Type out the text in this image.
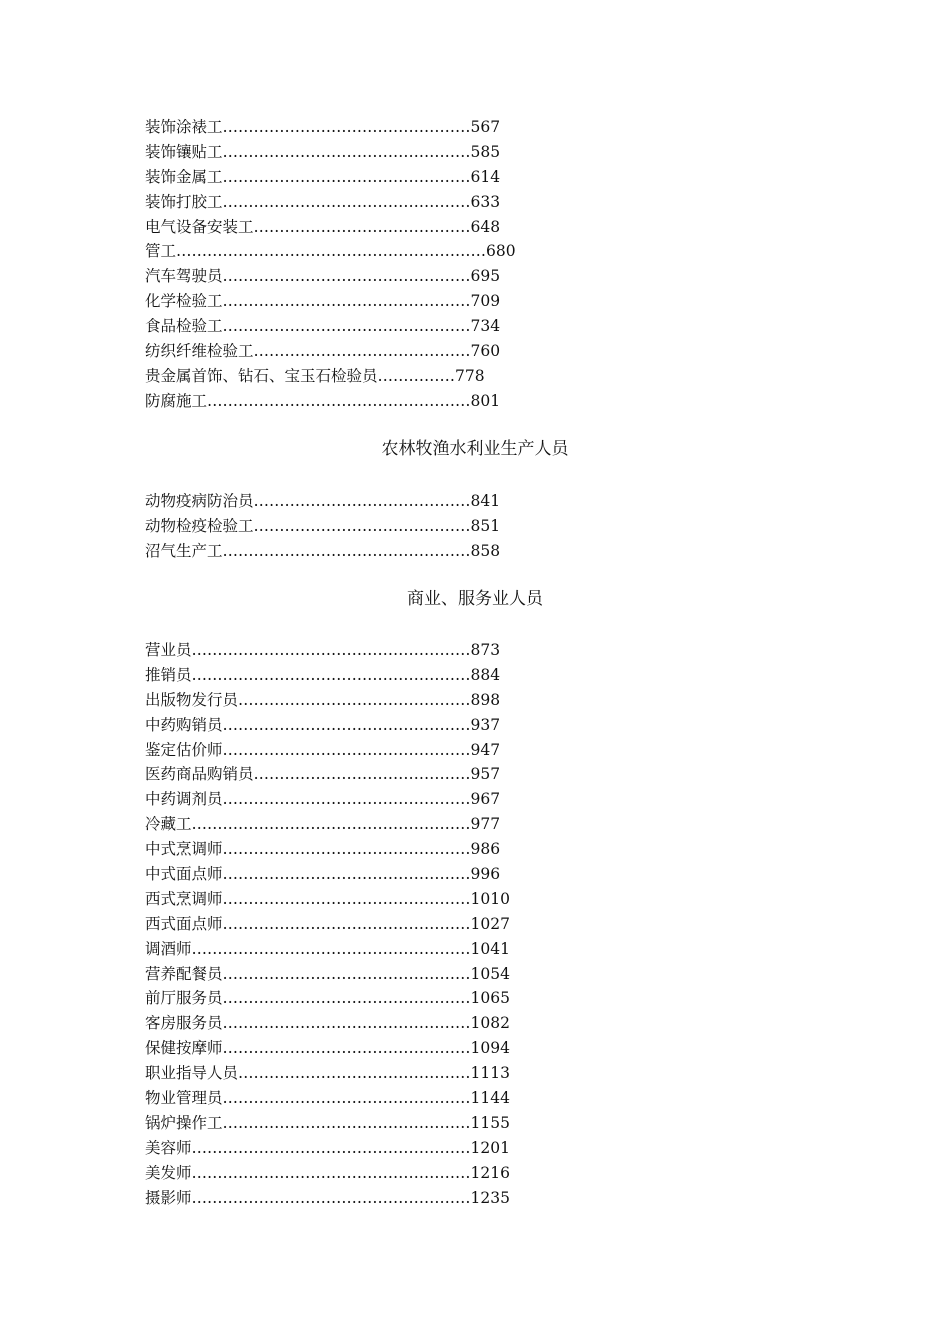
装饰涂裱工…………………………………………567
装饰镶贴工…………………………………………585
装饰金属工…………………………………………614
装饰打胶工…………………………………………633
电气设备安装工……………………………………648
管工……………………………………………………680
汽车驾驶员…………………………………………695
化学检验工…………………………………………709
食品检验工…………………………………………734
纺织纤维检验工……………………………………760
贵金属首饰、钻石、宝玉石检验员……………778
防腐施工……………………………………………801
农林牧渔水利业生产人员
动物疫病防治员……………………………………841
动物检疫检验工……………………………………851
沼气生产工…………………………………………858
商业、服务业人员
营业员………………………………………………873
推销员………………………………………………884
出版物发行员………………………………………898
中药购销员…………………………………………937
鉴定估价师…………………………………………947
医药商品购销员……………………………………957
中药调剂员…………………………………………967
冷藏工………………………………………………977
中式烹调师…………………………………………986
中式面点师…………………………………………996
西式烹调师…………………………………………1010
西式面点师…………………………………………1027
调酒师………………………………………………1041
营养配餐员…………………………………………1054
前厅服务员…………………………………………1065
客房服务员…………………………………………1082
保健按摩师…………………………………………1094
职业指导人员………………………………………1113
物业管理员…………………………………………1144
锅炉操作工…………………………………………1155
美容师………………………………………………1201
美发师………………………………………………1216
摄影师………………………………………………1235
